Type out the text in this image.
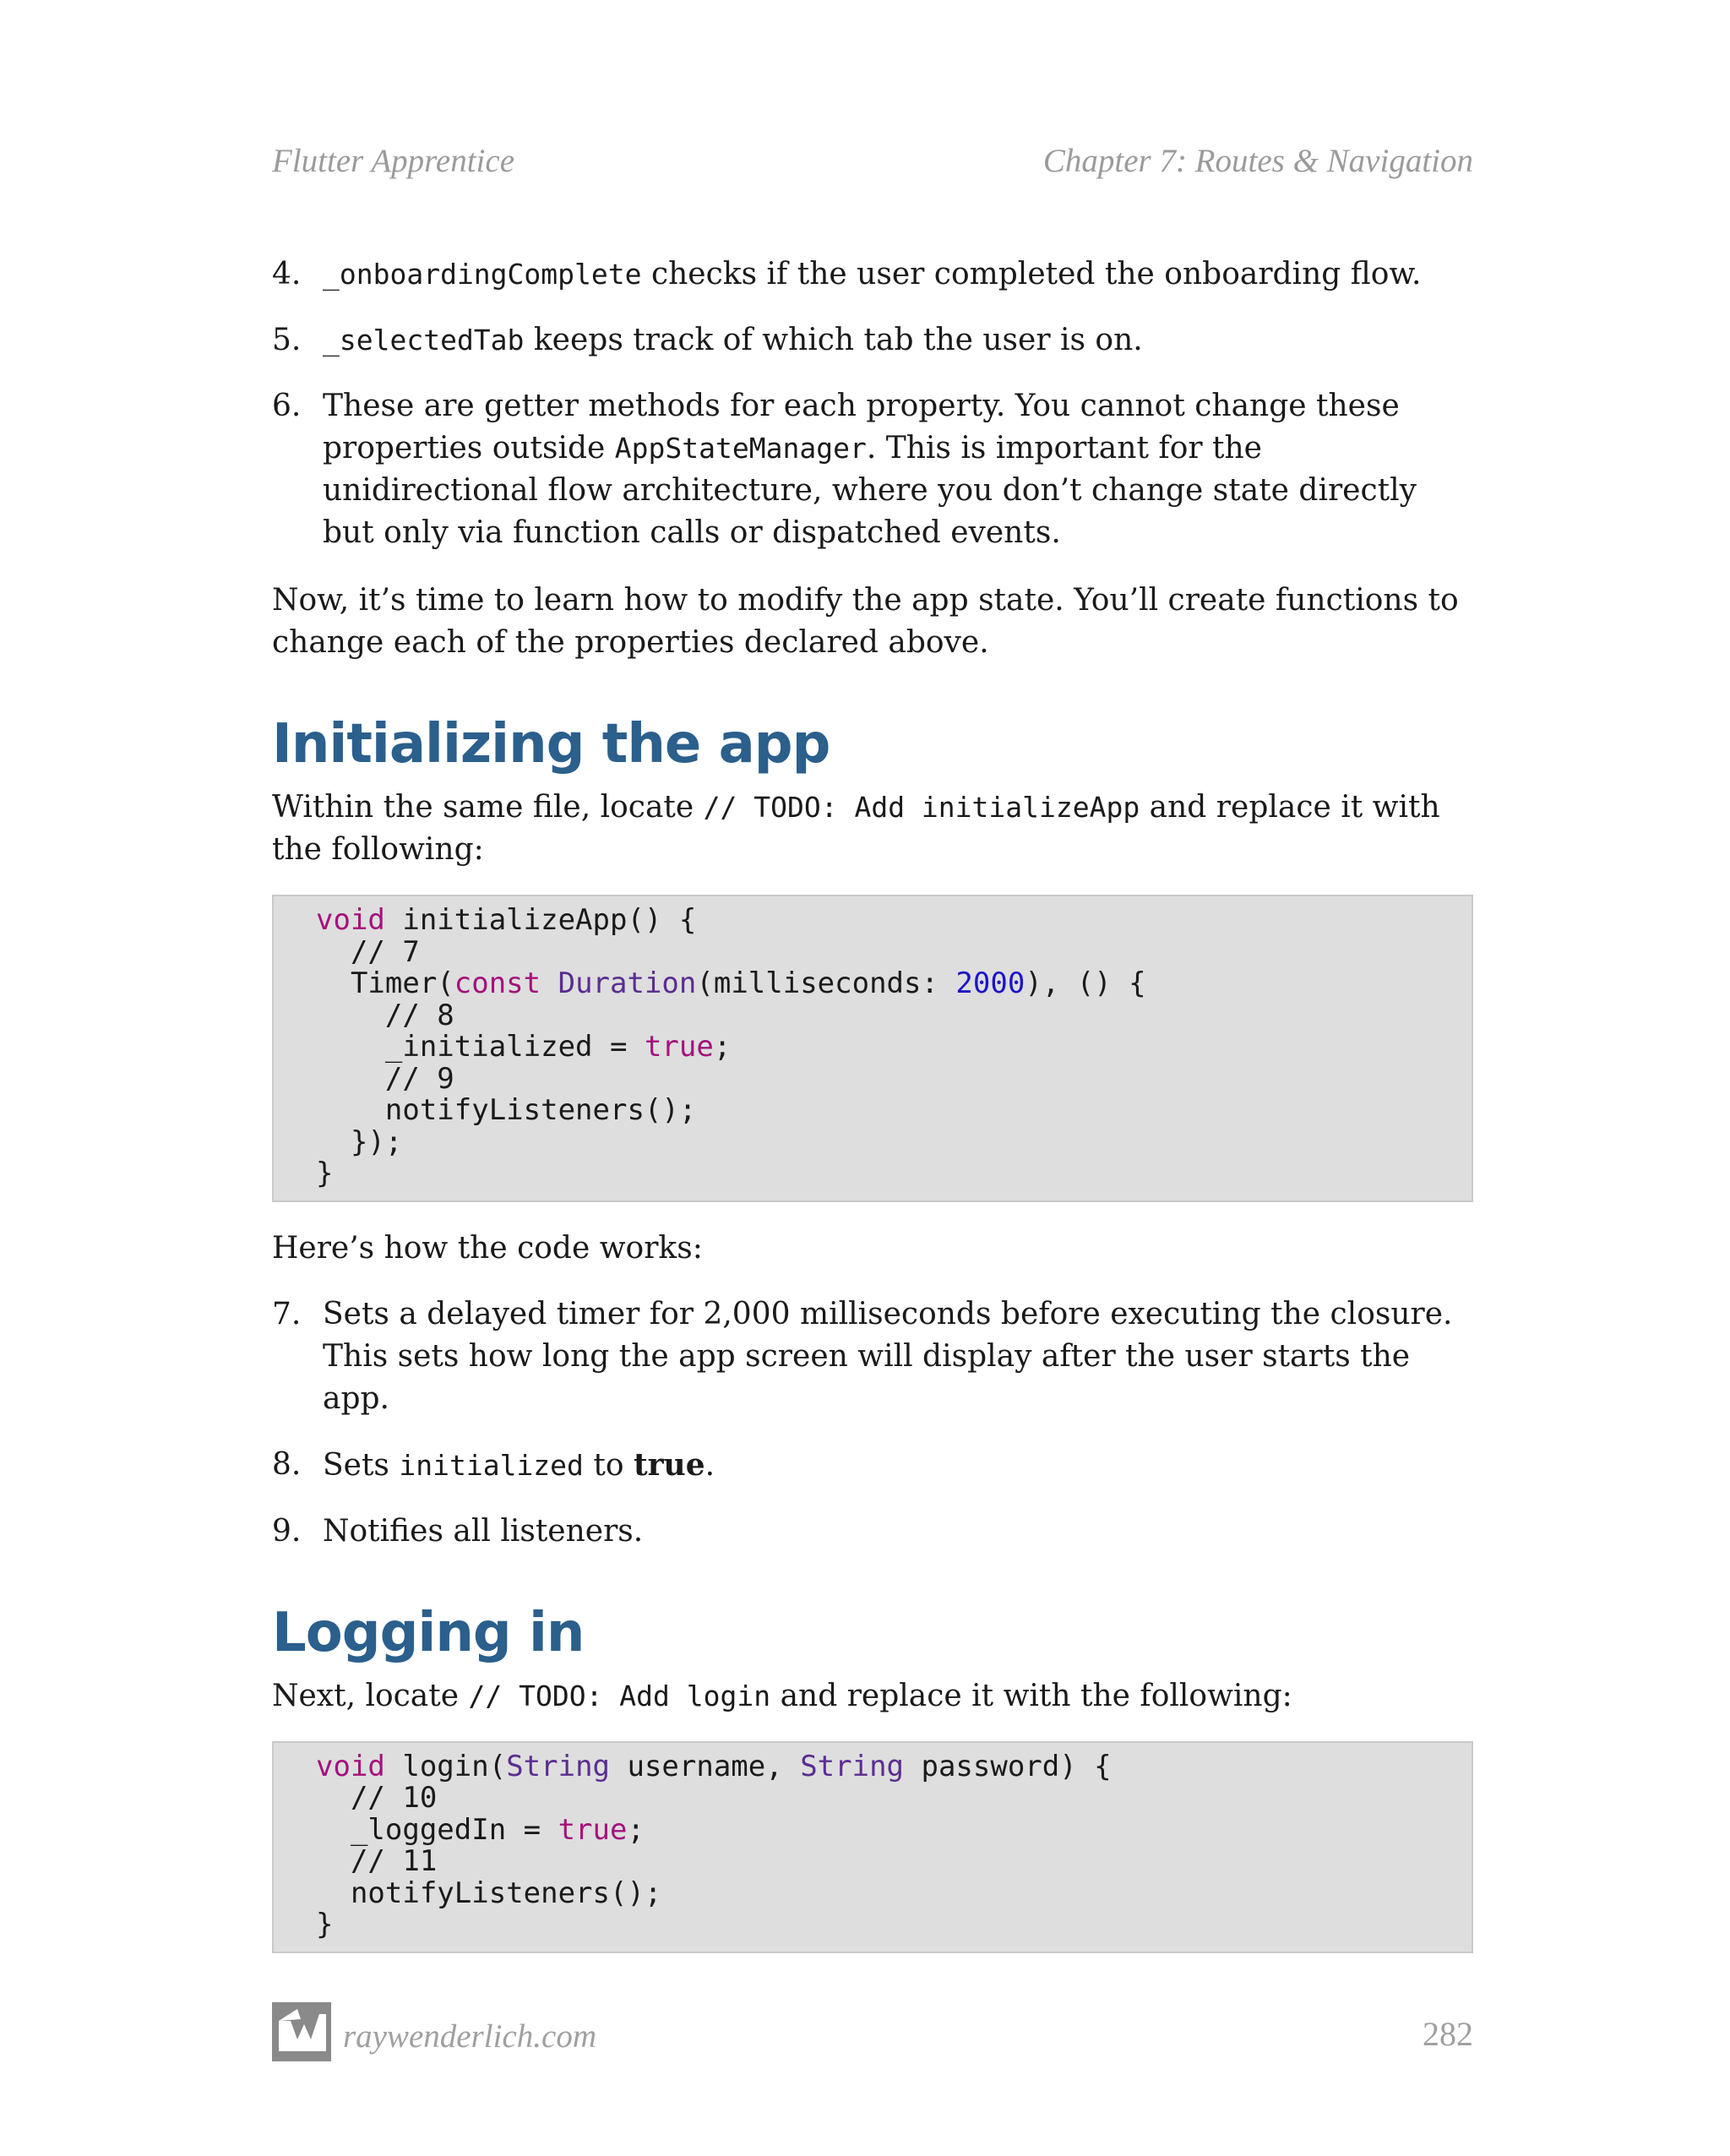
Flutter Apprentice	Chapter 7: Routes & Navigation
4. _onboardingComplete checks if the user completed the onboarding flow.
5. _selectedTab keeps track of which tab the user is on.
6. These are getter methods for each property. You cannot change these properties outside AppStateManager. This is important for the unidirectional flow architecture, where you don’t change state directly but only via function calls or dispatched events.

Now, it’s time to learn how to modify the app state. You’ll create functions to change each of the properties declared above.

Initializing the app

Within the same file, locate // TODO: Add initializeApp and replace it with the following:

void initializeApp() {
// 7
Timer(const Duration(milliseconds: 2000), () {
// 8
_initialized = true;
// 9
notifyListeners();
});
}

Here’s how the code works:

7. Sets a delayed timer for 2,000 milliseconds before executing the closure. This sets how long the app screen will display after the user starts the app.
8. Sets initialized to true.
9. Notifies all listeners.
Logging in

Next, locate // TODO: Add login and replace it with the following:

void login(String username, String password) {
// 10
_loggedIn = true;
// 11
notifyListeners();
}
raywenderlich.com	282
